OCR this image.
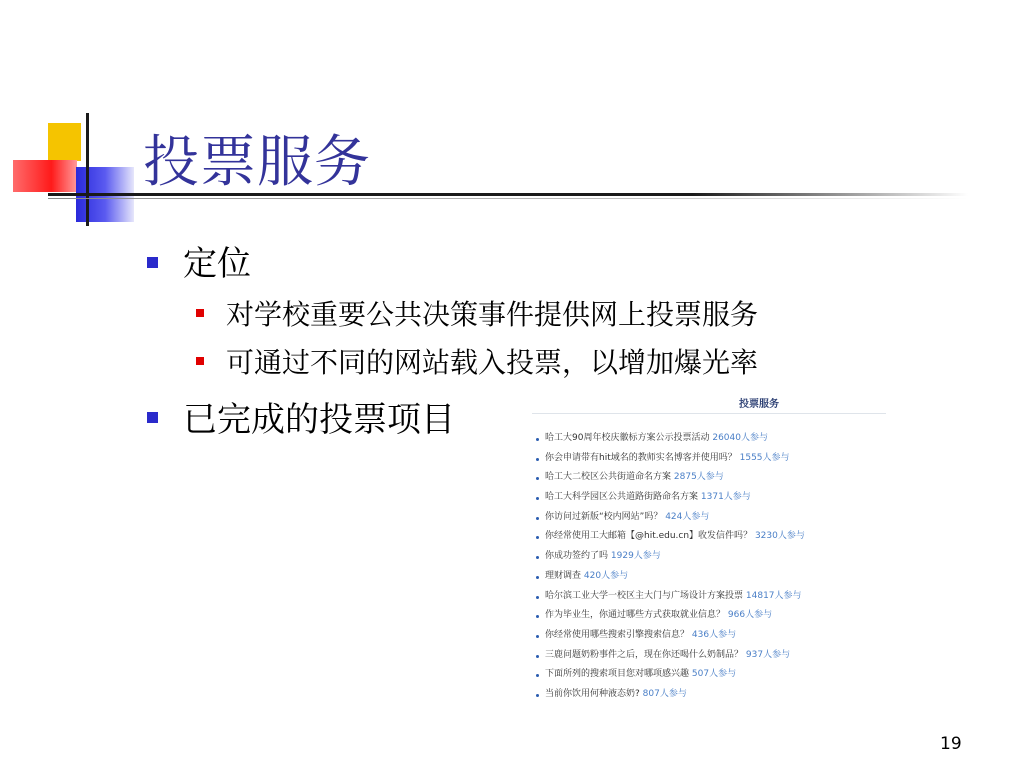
投票服务
定位
对学校重要公共决策事件提供网上投票服务
可通过不同的网站载入投票，以增加爆光率
已完成的投票项目	投票服务
哈工大90周年校庆徽标方案公示投票活动 26040人参与
你会申请带有hit域名的教师实名博客并使用吗？ 1555人参与
哈工大二校区公共街道命名方案 2875人参与
哈工大科学园区公共道路街路命名方案 1371人参与
你访问过新版“校内网站”吗？ 424人参与
你经常使用工大邮箱【@hit.edu.cn】收发信件吗？ 3230人参与
你成功签约了吗 1929人参与
理财调查 420人参与
哈尔滨工业大学一校区主大门与广场设计方案投票 14817人参与
作为毕业生，你通过哪些方式获取就业信息？ 966人参与
你经常使用哪些搜索引擎搜索信息？ 436人参与
三鹿问题奶粉事件之后，现在你还喝什么奶制品？ 937人参与
下面所列的搜索项目您对哪项感兴趣 507人参与
当前你饮用何种液态奶? 807人参与
19
